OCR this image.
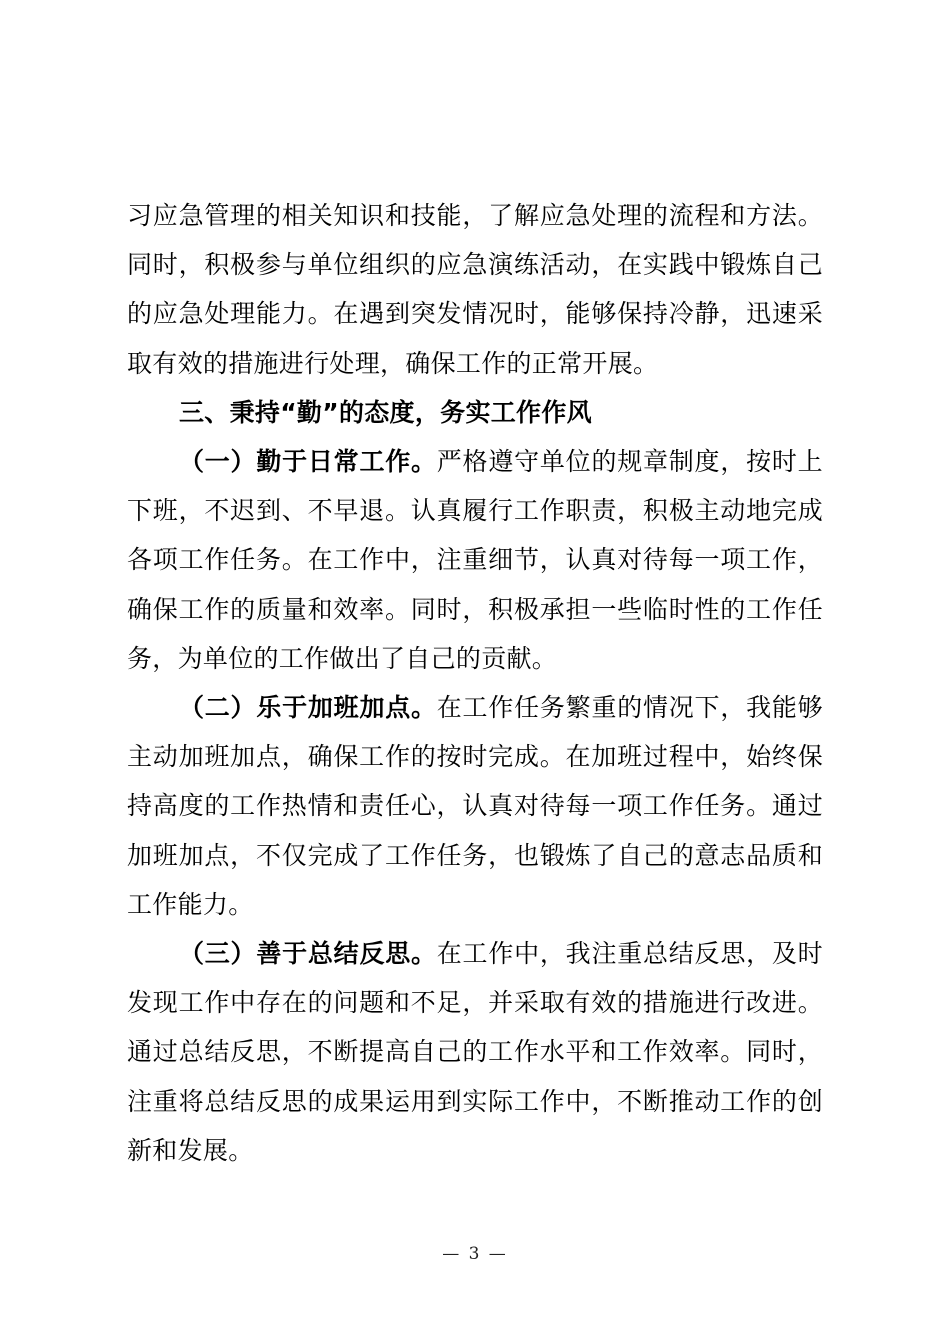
习应急管理的相关知识和技能，了解应急处理的流程和方法。同时，积极参与单位组织的应急演练活动，在实践中锻炼自己的应急处理能力。在遇到突发情况时，能够保持冷静，迅速采取有效的措施进行处理，确保工作的正常开展。

三、秉持“勤”的态度，务实工作作风

（一）勤于日常工作。严格遵守单位的规章制度，按时上下班，不迟到、不早退。认真履行工作职责，积极主动地完成各项工作任务。在工作中，注重细节，认真对待每一项工作，确保工作的质量和效率。同时，积极承担一些临时性的工作任务，为单位的工作做出了自己的贡献。

（二）乐于加班加点。在工作任务繁重的情况下，我能够主动加班加点，确保工作的按时完成。在加班过程中，始终保持高度的工作热情和责任心，认真对待每一项工作任务。通过加班加点，不仅完成了工作任务，也锻炼了自己的意志品质和工作能力。

（三）善于总结反思。在工作中，我注重总结反思，及时发现工作中存在的问题和不足，并采取有效的措施进行改进。通过总结反思，不断提高自己的工作水平和工作效率。同时，注重将总结反思的成果运用到实际工作中，不断推动工作的创新和发展。

— 3 —
